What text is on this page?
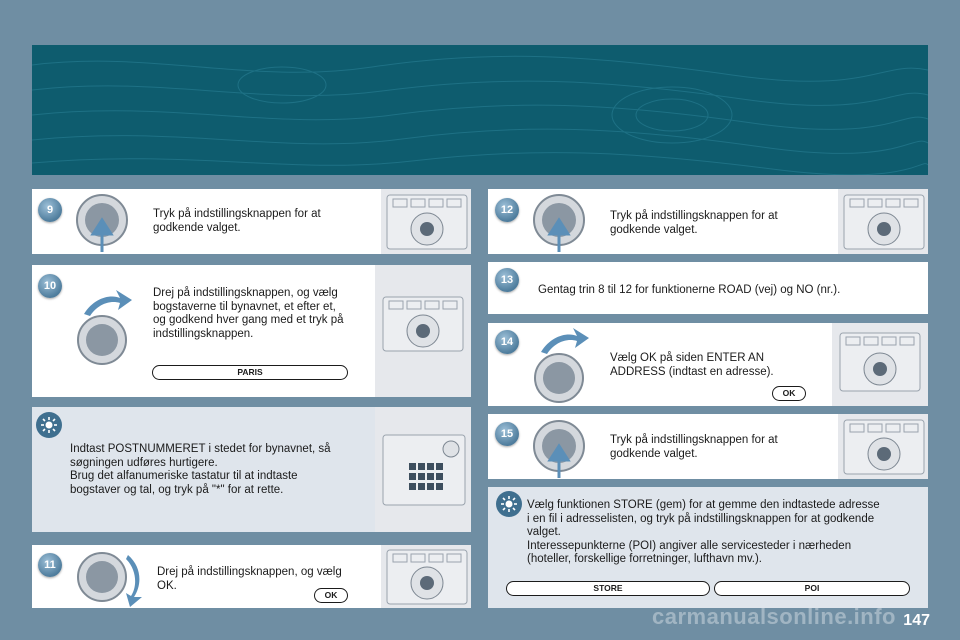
9	Tryk på indstillingsknappen for at
godkende valget.
10
Drej på indstillingsknappen, og vælg
bogstaverne til bynavnet, et efter et,
og godkend hver gang med et tryk på
indstillingsknappen.
PARIS
Indtast POSTNUMMERET i stedet for bynavnet, så
søgningen udføres hurtigere.
Brug det alfanumeriske tastatur til at indtaste
bogstaver og tal, og tryk på "*" for at rette.
11
Drej på indstillingsknappen, og vælg
OK.
OK
12	Tryk på indstillingsknappen for at
godkende valget.
13
Gentag trin 8 til 12 for funktionerne ROAD (vej) og NO (nr.).
14
Vælg OK på siden ENTER AN
ADDRESS (indtast en adresse).
OK
15	Tryk på indstillingsknappen for at
godkende valget.
Vælg funktionen STORE (gem) for at gemme den indtastede adresse
i en fil i adresselisten, og tryk på indstillingsknappen for at godkende
valget.
Interessepunkterne (POI) angiver alle servicesteder i nærheden
(hoteller, forskellige forretninger, lufthavn mv.).
STORE	POI
carmanualsonline.info 147
